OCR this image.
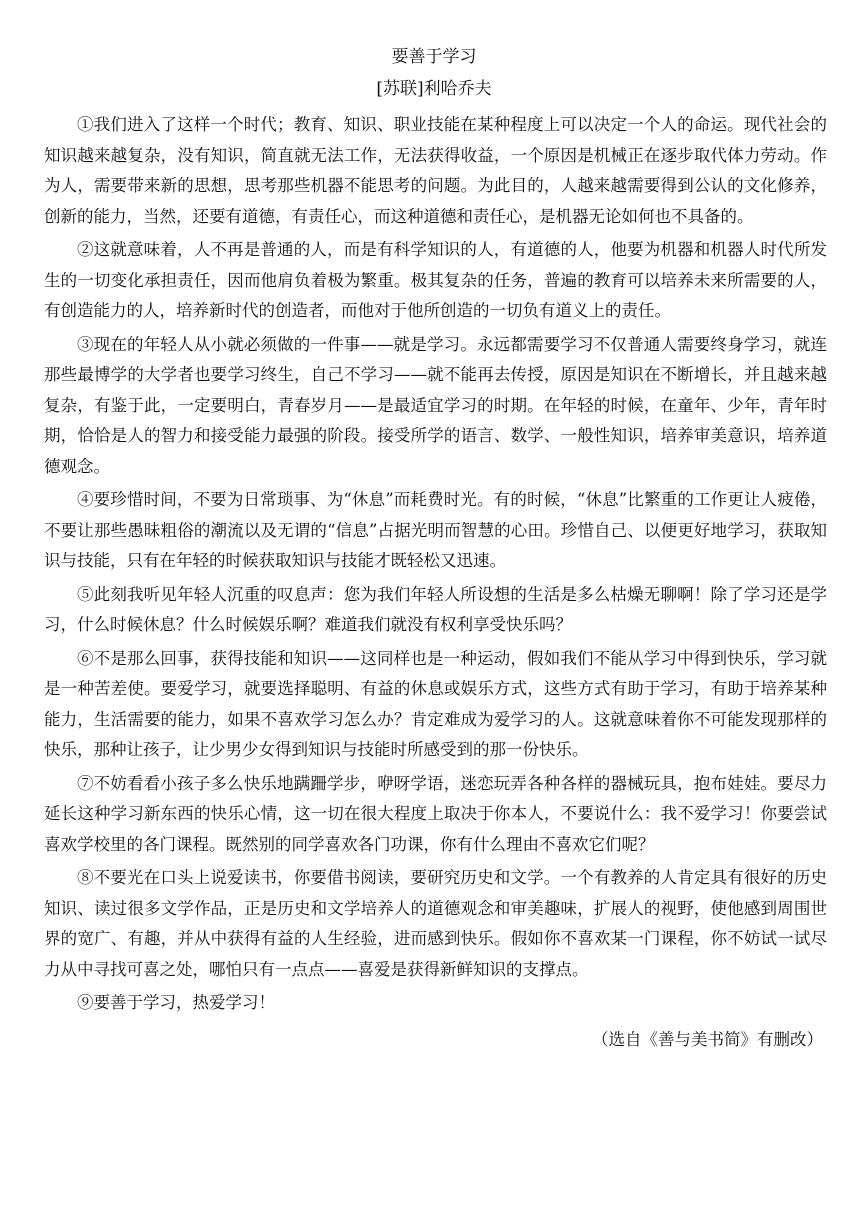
要善于学习
[苏联]利哈乔夫

①我们进入了这样一个时代；教育、知识、职业技能在某种程度上可以决定一个人的命运。现代社会的知识越来越复杂，没有知识，简直就无法工作，无法获得收益，一个原因是机械正在逐步取代体力劳动。作为人，需要带来新的思想，思考那些机器不能思考的问题。为此目的，人越来越需要得到公认的文化修养，创新的能力，当然，还要有道德，有责任心，而这种道德和责任心，是机器无论如何也不具备的。

②这就意味着，人不再是普通的人，而是有科学知识的人，有道德的人，他要为机器和机器人时代所发生的一切变化承担责任，因而他肩负着极为繁重。极其复杂的任务，普遍的教育可以培养未来所需要的人，有创造能力的人，培养新时代的创造者，而他对于他所创造的一切负有道义上的责任。

③现在的年轻人从小就必须做的一件事——就是学习。永远都需要学习不仅普通人需要终身学习，就连那些最博学的大学者也要学习终生，自己不学习——就不能再去传授，原因是知识在不断增长，并且越来越复杂，有鉴于此，一定要明白，青春岁月——是最适宜学习的时期。在年轻的时候，在童年、少年，青年时期，恰恰是人的智力和接受能力最强的阶段。接受所学的语言、数学、一般性知识，培养审美意识，培养道德观念。

④要珍惜时间，不要为日常琐事、为“休息”而耗费时光。有的时候，“休息”比繁重的工作更让人疲倦，不要让那些愚昧粗俗的潮流以及无谓的“信息”占据光明而智慧的心田。珍惜自己、以便更好地学习，获取知识与技能，只有在年轻的时候获取知识与技能才既轻松又迅速。

⑤此刻我听见年轻人沉重的叹息声：您为我们年轻人所设想的生活是多么枯燥无聊啊！除了学习还是学习，什么时候休息？什么时候娱乐啊？难道我们就没有权利享受快乐吗？

⑥不是那么回事，获得技能和知识——这同样也是一种运动，假如我们不能从学习中得到快乐，学习就是一种苦差使。要爱学习，就要选择聪明、有益的休息或娱乐方式，这些方式有助于学习，有助于培养某种能力，生活需要的能力，如果不喜欢学习怎么办？肯定难成为爱学习的人。这就意味着你不可能发现那样的快乐，那种让孩子，让少男少女得到知识与技能时所感受到的那一份快乐。

⑦不妨看看小孩子多么快乐地蹒跚学步，咿呀学语，迷恋玩弄各种各样的器械玩具，抱布娃娃。要尽力延长这种学习新东西的快乐心情，这一切在很大程度上取决于你本人，不要说什么：我不爱学习！你要尝试喜欢学校里的各门课程。既然别的同学喜欢各门功课，你有什么理由不喜欢它们呢？

⑧不要光在口头上说爱读书，你要借书阅读，要研究历史和文学。一个有教养的人肯定具有很好的历史知识、读过很多文学作品，正是历史和文学培养人的道德观念和审美趣味，扩展人的视野，使他感到周围世界的宽广、有趣，并从中获得有益的人生经验，进而感到快乐。假如你不喜欢某一门课程，你不妨试一试尽力从中寻找可喜之处，哪怕只有一点点——喜爱是获得新鲜知识的支撑点。

⑨要善于学习，热爱学习！

（选自《善与美书简》有删改）
